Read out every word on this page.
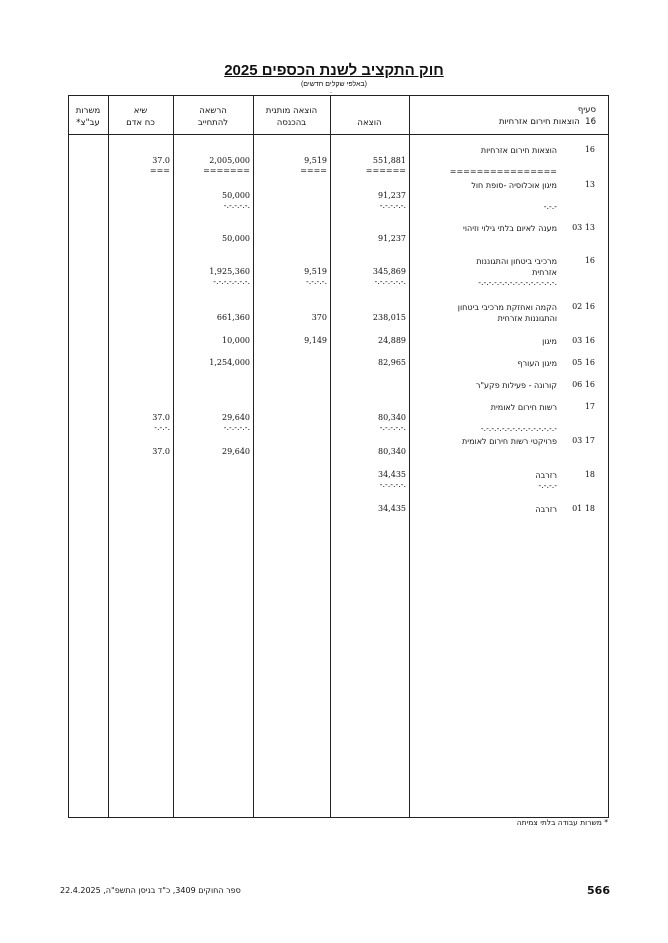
חוק התקציב לשנת הכספים 2025
.
(באלפי שקלים חדשים)
משרות
עב"צ*
שיא
כח אדם
הרשאה
להתחייב
הוצאה מותנית
בהכנסה	הוצאה
סעיף
16  הוצאות חירום אזרחיות
16
הוצאות חירום אזרחיות
================
551,881
======
9,519
====
2,005,000
=======
37.0
===
13
מיגון אוכלוסיה -סופת חול
-.-.-
91,237
-.-.-.-.-.
50,000
-.-.-.-.-.
13 03
מענה לאיום בלתי גילוי וזיהוי
91,237
50,000
16
מרכיבי ביטחון והתגוננות אזרחית
-.-.-.-.-.-.-.-.-.-.-.-.-.-.-.
345,869
-.-.-.-.-.-.
9,519
-.-.-.-.
1,925,360
-.-.-.-.-.-.-.
16 02
הקמה ואחזקת מרכיבי ביטחון והתגוננות אזרחית
238,015
370
661,360
16 03
מיגון
24,889
9,149
10,000
16 05
מיגון העורף
82,965
1,254,000
16 06
קורונה - פעילות פקע"ר
17
רשות חירום לאומית
-.-.-.-.-.-.-.-.-.-.-.-.-.-.-
80,340
-.-.-.-.-.
29,640
-.-.-.-.-.
37.0
-.-.-.
17 03
פרויקטי רשות חירום לאומית
80,340
29,640
37.0
18
רזרבה
-.-.-.-
34,435
-.-.-.-.-.
18 01
רזרבה
34,435
* משרות עבודה בלתי צמיתה
ספר החוקים 3409, כ"ד בניסן התשפ"ה, 22.4.2025	566
